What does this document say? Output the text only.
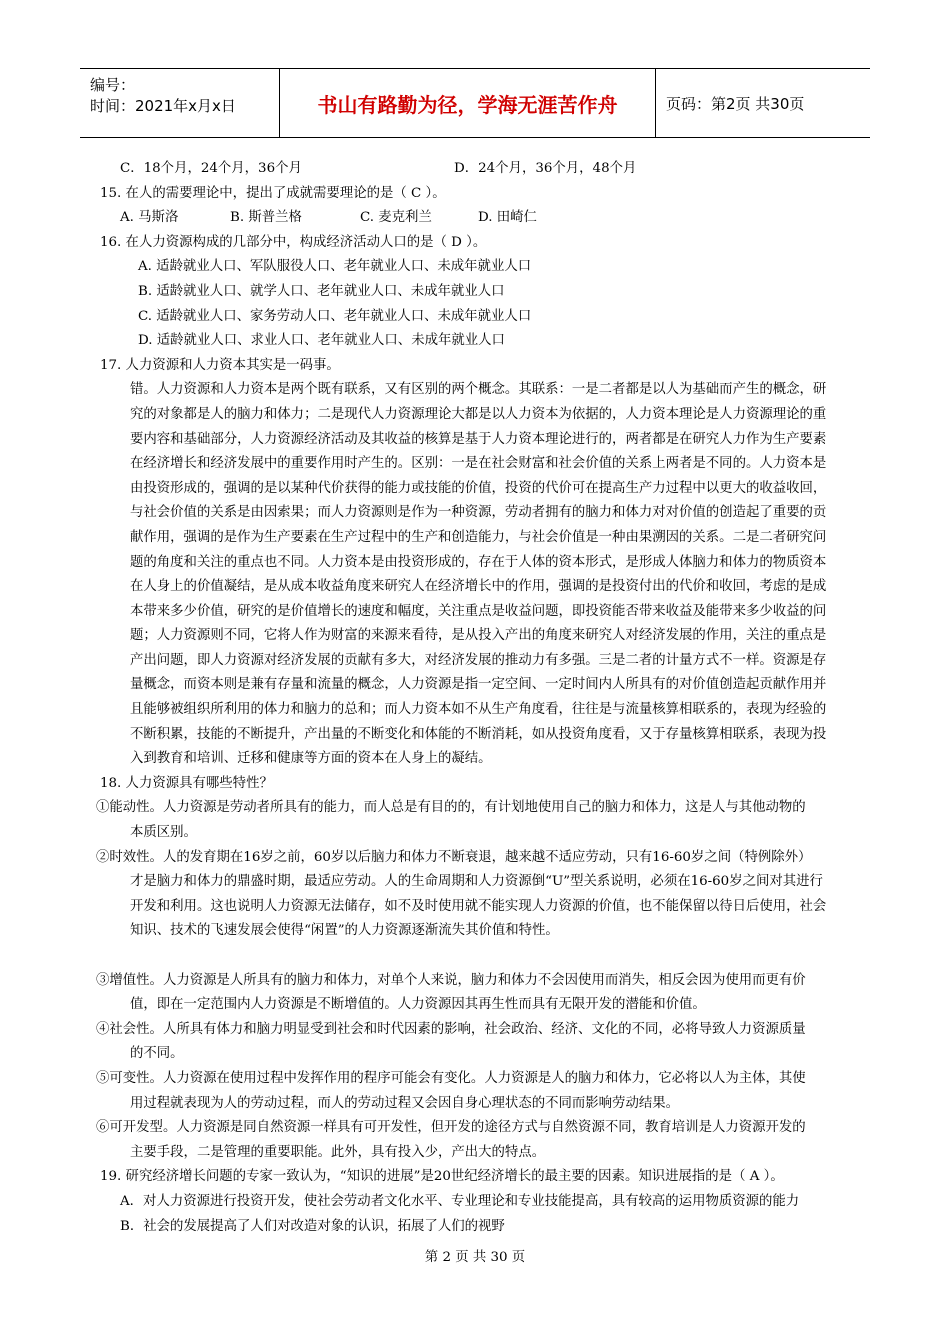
编号：
时间：2021年x月x日	书山有路勤为径，学海无涯苦作舟	页码：第2页 共30页
C．18个月，24个月，36个月	D．24个月，36个月，48个月
15. 在人的需要理论中，提出了成就需要理论的是（ C ）。
A. 马斯洛	B. 斯普兰格	C. 麦克利兰	D. 田崎仁
16. 在人力资源构成的几部分中，构成经济活动人口的是（ D ）。
A. 适龄就业人口、军队服役人口、老年就业人口、未成年就业人口
B. 适龄就业人口、就学人口、老年就业人口、未成年就业人口
C. 适龄就业人口、家务劳动人口、老年就业人口、未成年就业人口
D. 适龄就业人口、求业人口、老年就业人口、未成年就业人口
17. 人力资源和人力资本其实是一码事。
错。人力资源和人力资本是两个既有联系，又有区别的两个概念。其联系：一是二者都是以人为基础而产生的概念，研
究的对象都是人的脑力和体力；二是现代人力资源理论大都是以人力资本为依据的，人力资本理论是人力资源理论的重
要内容和基础部分，人力资源经济活动及其收益的核算是基于人力资本理论进行的，两者都是在研究人力作为生产要素
在经济增长和经济发展中的重要作用时产生的。区别：一是在社会财富和社会价值的关系上两者是不同的。人力资本是
由投资形成的，强调的是以某种代价获得的能力或技能的价值，投资的代价可在提高生产力过程中以更大的收益收回，
与社会价值的关系是由因索果；而人力资源则是作为一种资源，劳动者拥有的脑力和体力对对价值的创造起了重要的贡
献作用，强调的是作为生产要素在生产过程中的生产和创造能力，与社会价值是一种由果溯因的关系。二是二者研究问
题的角度和关注的重点也不同。人力资本是由投资形成的，存在于人体的资本形式，是形成人体脑力和体力的物质资本
在人身上的价值凝结，是从成本收益角度来研究人在经济增长中的作用，强调的是投资付出的代价和收回，考虑的是成
本带来多少价值，研究的是价值增长的速度和幅度，关注重点是收益问题，即投资能否带来收益及能带来多少收益的问
题；人力资源则不同，它将人作为财富的来源来看待，是从投入产出的角度来研究人对经济发展的作用，关注的重点是
产出问题，即人力资源对经济发展的贡献有多大，对经济发展的推动力有多强。三是二者的计量方式不一样。资源是存
量概念，而资本则是兼有存量和流量的概念，人力资源是指一定空间、一定时间内人所具有的对价值创造起贡献作用并
且能够被组织所利用的体力和脑力的总和；而人力资本如不从生产角度看，往往是与流量核算相联系的，表现为经验的
不断积累，技能的不断提升，产出量的不断变化和体能的不断消耗，如从投资角度看，又于存量核算相联系，表现为投
入到教育和培训、迁移和健康等方面的资本在人身上的凝结。
18. 人力资源具有哪些特性？
①能动性。人力资源是劳动者所具有的能力，而人总是有目的的，有计划地使用自己的脑力和体力，这是人与其他动物的
本质区别。
②时效性。人的发育期在16岁之前，60岁以后脑力和体力不断衰退，越来越不适应劳动，只有16-60岁之间（特例除外）
才是脑力和体力的鼎盛时期，最适应劳动。人的生命周期和人力资源倒“U”型关系说明，必须在16-60岁之间对其进行
开发和利用。这也说明人力资源无法储存，如不及时使用就不能实现人力资源的价值，也不能保留以待日后使用，社会
知识、技术的飞速发展会使得“闲置”的人力资源逐渐流失其价值和特性。
③增值性。人力资源是人所具有的脑力和体力，对单个人来说，脑力和体力不会因使用而消失，相反会因为使用而更有价
值，即在一定范围内人力资源是不断增值的。人力资源因其再生性而具有无限开发的潜能和价值。
④社会性。人所具有体力和脑力明显受到社会和时代因素的影响，社会政治、经济、文化的不同，必将导致人力资源质量
的不同。
⑤可变性。人力资源在使用过程中发挥作用的程序可能会有变化。人力资源是人的脑力和体力，它必将以人为主体，其使
用过程就表现为人的劳动过程，而人的劳动过程又会因自身心理状态的不同而影响劳动结果。
⑥可开发型。人力资源是同自然资源一样具有可开发性，但开发的途径方式与自然资源不同，教育培训是人力资源开发的
主要手段，二是管理的重要职能。此外，具有投入少，产出大的特点。
19. 研究经济增长问题的专家一致认为，“知识的进展”是20世纪经济增长的最主要的因素。知识进展指的是（ A ）。
A．对人力资源进行投资开发，使社会劳动者文化水平、专业理论和专业技能提高，具有较高的运用物质资源的能力
B．社会的发展提高了人们对改造对象的认识，拓展了人们的视野
第 2 页 共 30 页
